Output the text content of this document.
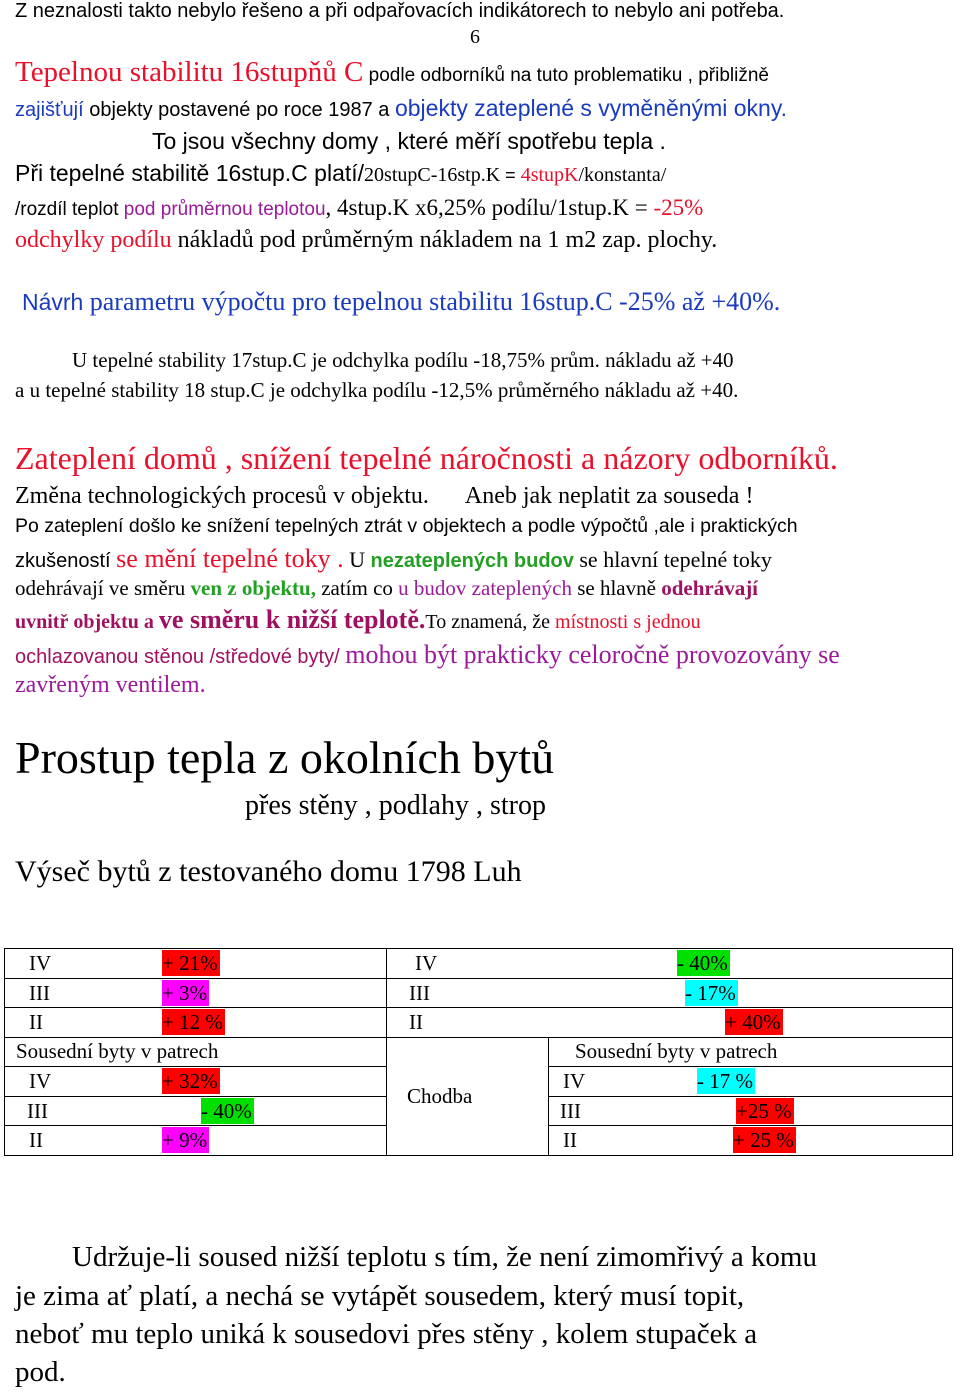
Z neznalosti takto nebylo řešeno a při odpařovacích indikátorech to nebylo ani potřeba.
6
Tepelnou stabilitu 16stupňů C podle odborníků na tuto problematiku , přibližně
zajišťují objekty postavené po roce 1987 a objekty zateplené s vyměněnými okny.
To jsou všechny domy , které měří spotřebu tepla .
Při tepelné stabilitě 16stup.C platí/20stupC-16stp.K = 4stupK/konstanta/
/rozdíl teplot pod průměrnou teplotou, 4stup.K x6,25% podílu/1stup.K = -25%
odchylky podílu nákladů pod průměrným nákladem na 1 m2 zap. plochy.
Návrh parametru výpočtu pro tepelnou stabilitu 16stup.C -25% až +40%.
U tepelné stability 17stup.C je odchylka podílu -18,75% prům. nákladu až +40
a u tepelné stability 18 stup.C je odchylka podílu -12,5% průměrného nákladu až +40.
Zateplení domů , snížení tepelné náročnosti a názory odborníků.
Změna technologických procesů v objektu. Aneb jak neplatit za souseda !
Po zateplení došlo ke snížení tepelných ztrát v objektech a podle výpočtů ,ale i praktických
zkušeností se mění tepelné toky . U nezateplených budov se hlavní tepelné toky
odehrávají ve směru ven z objektu, zatím co u budov zateplených se hlavně odehrávají
uvnitř objektu a ve směru k nižší teplotě.To znamená, že místnosti s jednou
ochlazovanou stěnou /středové byty/ mohou být prakticky celoročně provozovány se
zavřeným ventilem.
Prostup tepla z okolních bytů
přes stěny , podlahy , strop
Výseč bytů z testovaného domu 1798 Luh
IV + 21%	IV - 40%	
III + 3%	III - 17%	
II + 12 %	II + 40%	
Sousední byty v patrech	Chodba	Sousední byty v patrech
IV + 32%		IV - 17 %
III - 40%		III +25 %
II + 9%		II + 25 %
Udržuje-li soused nižší teplotu s tím, že není zimomřivý a komu
je zima ať platí, a nechá se vytápět sousedem, který musí topit,
neboť mu teplo uniká k sousedovi přes stěny , kolem stupaček a
pod.
